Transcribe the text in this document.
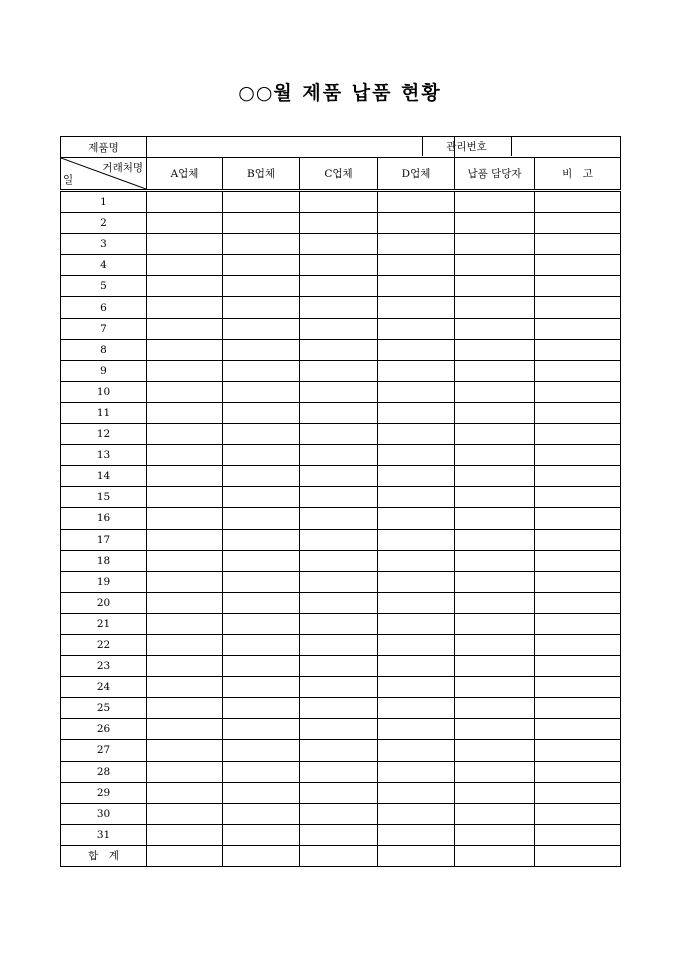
○○월 제품 납품 현황
제품명				관리번호		

거래처명
일	A업체	B업체	C업체	D업체	납품 담당자	비　고
1						
2						
3						
4						
5						
6						
7						
8						
9						
10						
11						
12						
13						
14						
15						
16						
17						
18						
19						
20						
21						
22						
23						
24						
25						
26						
27						
28						
29						
30						
31						
합　계						
